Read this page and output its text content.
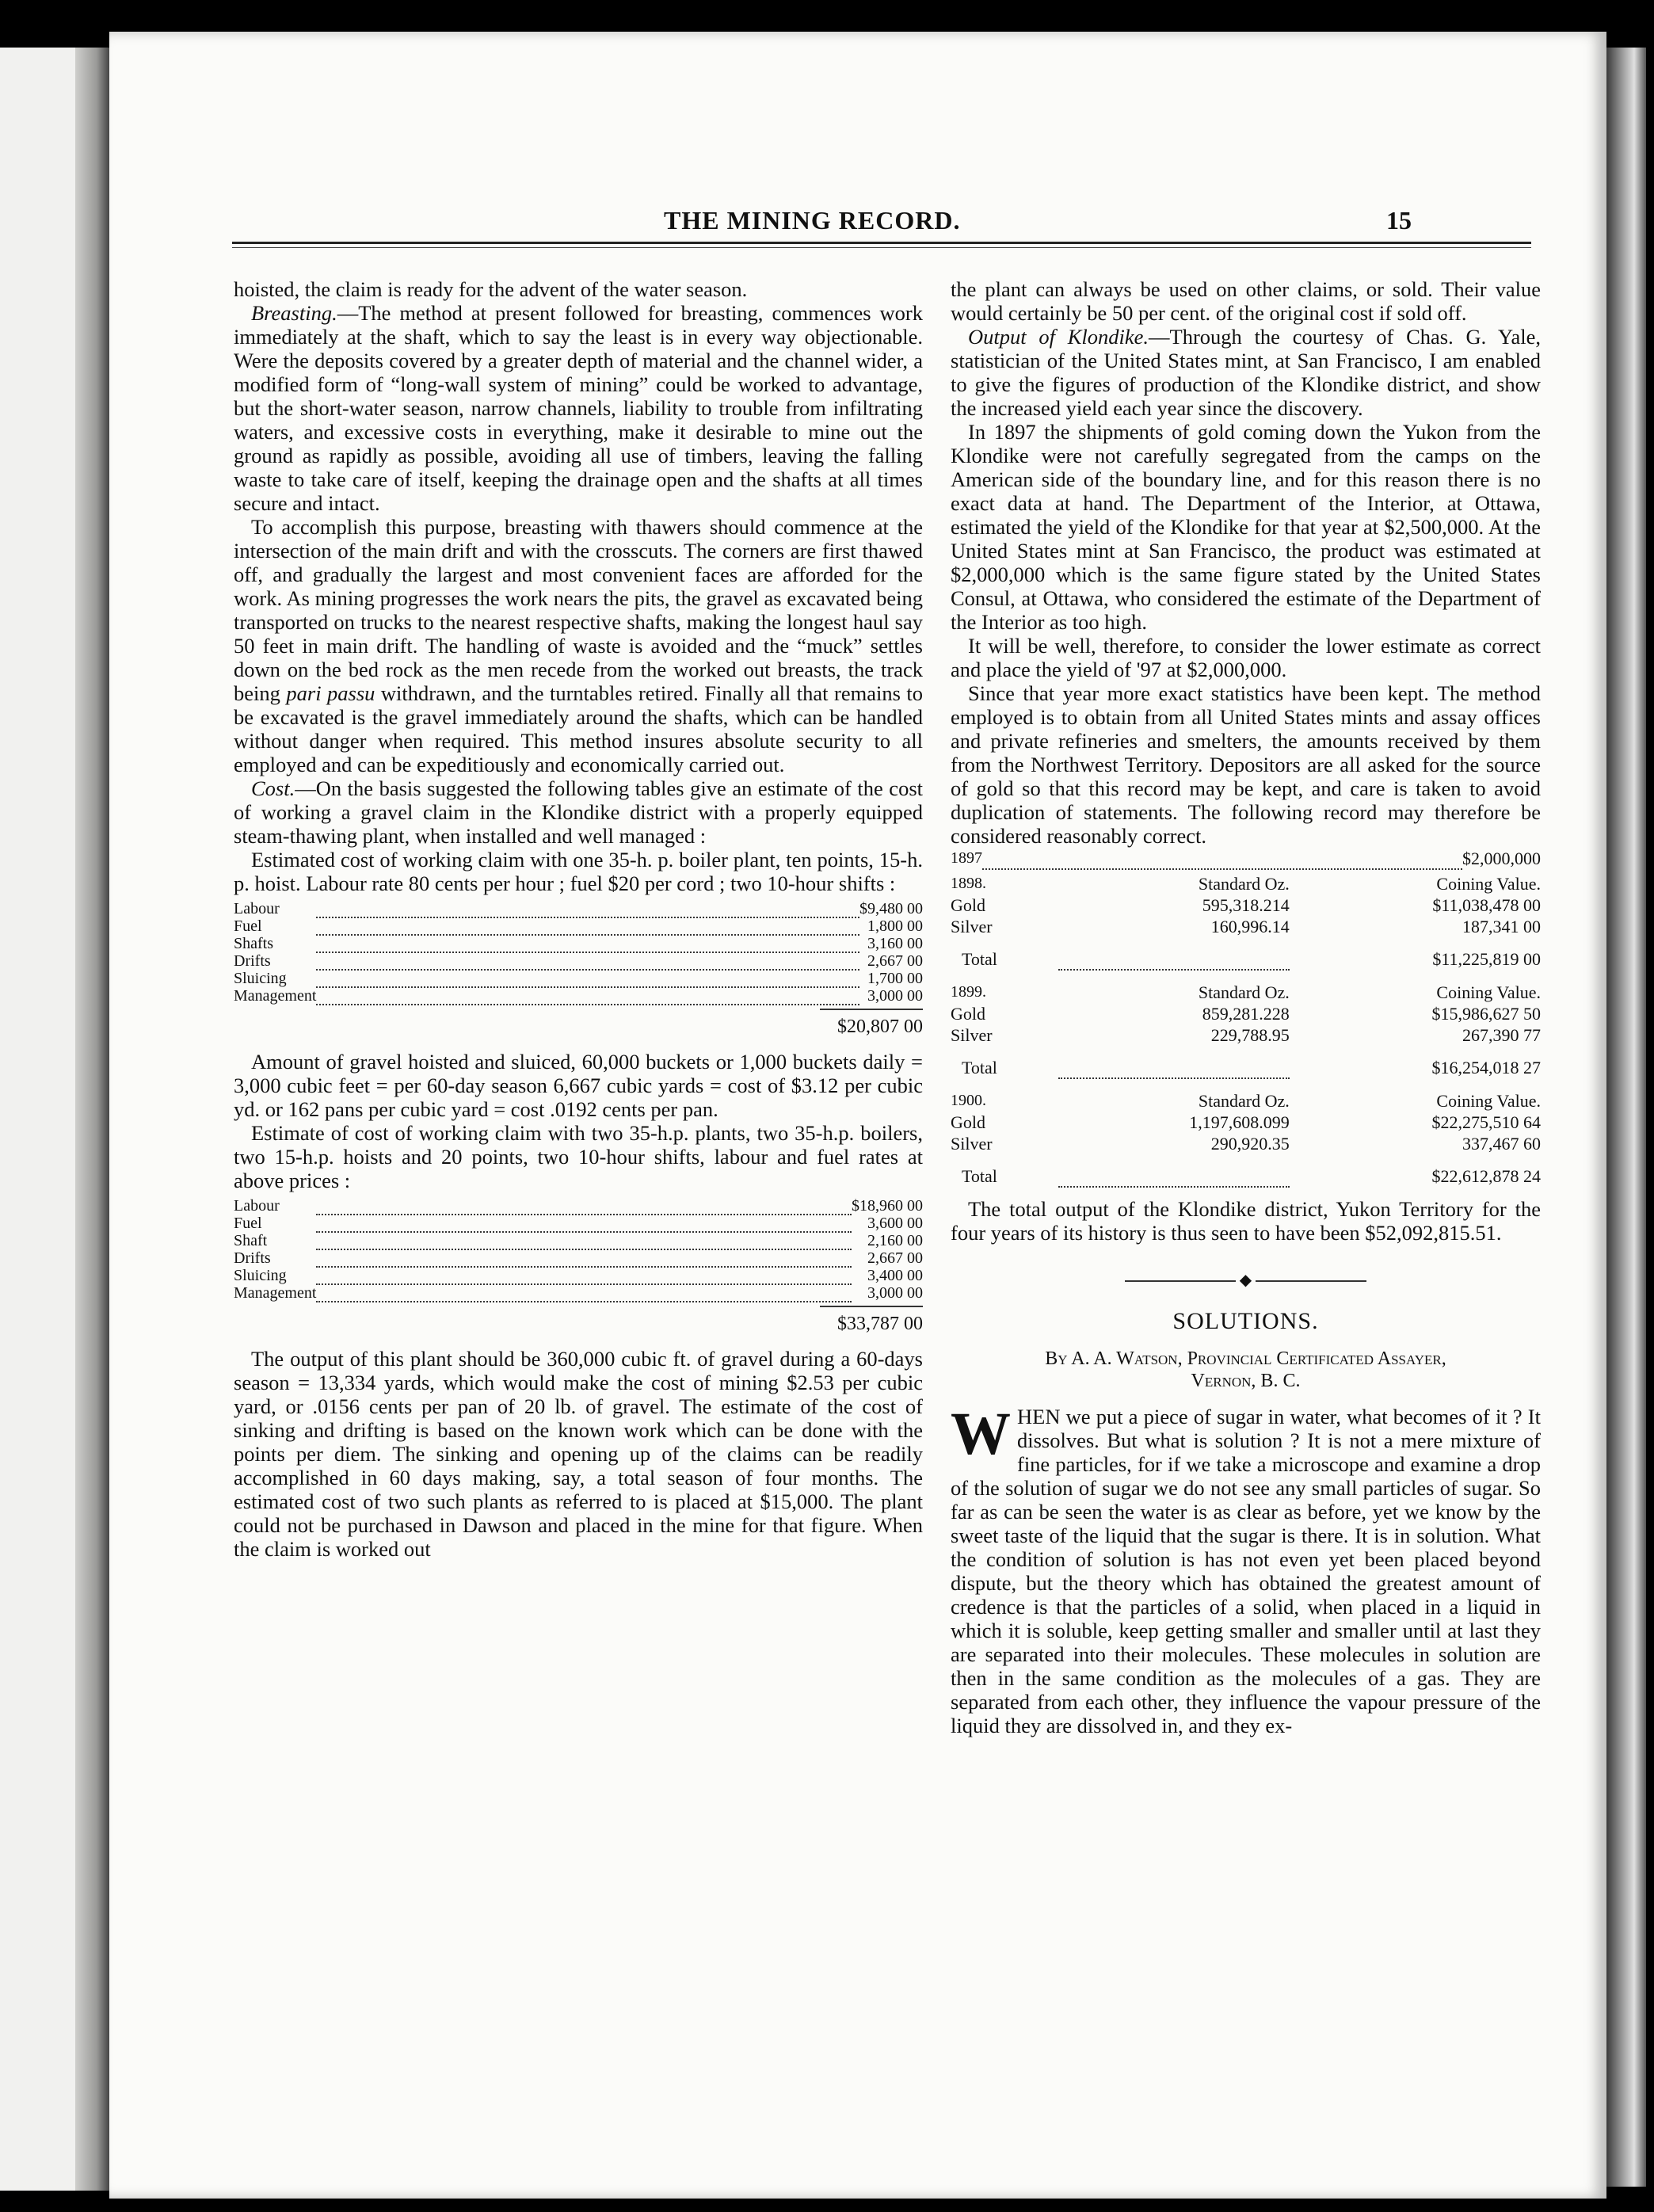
THE MINING RECORD.	15

hoisted, the claim is ready for the advent of the water season.

Breasting.—The method at present followed for breasting, commences work immediately at the shaft, which to say the least is in every way objectionable. Were the deposits covered by a greater depth of material and the channel wider, a modified form of “long-wall system of mining” could be worked to advantage, but the short-water season, narrow channels, liability to trouble from infiltrating waters, and excessive costs in everything, make it desirable to mine out the ground as rapidly as possible, avoiding all use of timbers, leaving the falling waste to take care of itself, keeping the drainage open and the shafts at all times secure and intact.

To accomplish this purpose, breasting with thawers should commence at the intersection of the main drift and with the crosscuts. The corners are first thawed off, and gradually the largest and most convenient faces are afforded for the work. As mining progresses the work nears the pits, the gravel as excavated being transported on trucks to the nearest respective shafts, making the longest haul say 50 feet in main drift. The handling of waste is avoided and the “muck” settles down on the bed rock as the men recede from the worked out breasts, the track being pari passu withdrawn, and the turntables retired. Finally all that remains to be excavated is the gravel immediately around the shafts, which can be handled without danger when required. This method insures absolute security to all employed and can be expeditiously and economically carried out.

Cost.—On the basis suggested the following tables give an estimate of the cost of working a gravel claim in the Klondike district with a properly equipped steam-thawing plant, when installed and well managed :

Estimated cost of working claim with one 35-h. p. boiler plant, ten points, 15-h. p. hoist. Labour rate 80 cents per hour ; fuel $20 per cord ; two 10-hour shifts :

Labour		$9,480 00
Fuel		1,800 00
Shafts		3,160 00
Drifts		2,667 00
Sluicing		1,700 00
Management		3,000 00
$20,807 00

Amount of gravel hoisted and sluiced, 60,000 buckets or 1,000 buckets daily = 3,000 cubic feet = per 60-day season 6,667 cubic yards = cost of $3.12 per cubic yd. or 162 pans per cubic yard = cost .0192 cents per pan.

Estimate of cost of working claim with two 35-h.p. plants, two 35-h.p. boilers, two 15-h.p. hoists and 20 points, two 10-hour shifts, labour and fuel rates at above prices :

Labour		$18,960 00
Fuel		3,600 00
Shaft		2,160 00
Drifts		2,667 00
Sluicing		3,400 00
Management		3,000 00
$33,787 00

The output of this plant should be 360,000 cubic ft. of gravel during a 60-days season = 13,334 yards, which would make the cost of mining $2.53 per cubic yard, or .0156 cents per pan of 20 lb. of gravel. The estimate of the cost of sinking and drifting is based on the known work which can be done with the points per diem. The sinking and opening up of the claims can be readily accomplished in 60 days making, say, a total season of four months. The estimated cost of two such plants as referred to is placed at $15,000. The plant could not be purchased in Dawson and placed in the mine for that figure. When the claim is worked out

the plant can always be used on other claims, or sold. Their value would certainly be 50 per cent. of the original cost if sold off.

Output of Klondike.—Through the courtesy of Chas. G. Yale, statistician of the United States mint, at San Francisco, I am enabled to give the figures of production of the Klondike district, and show the increased yield each year since the discovery.

In 1897 the shipments of gold coming down the Yukon from the Klondike were not carefully segregated from the camps on the American side of the boundary line, and for this reason there is no exact data at hand. The Department of the Interior, at Ottawa, estimated the yield of the Klondike for that year at $2,500,000. At the United States mint at San Francisco, the product was estimated at $2,000,000 which is the same figure stated by the United States Consul, at Ottawa, who considered the estimate of the Department of the Interior as too high.

It will be well, therefore, to consider the lower estimate as correct and place the yield of '97 at $2,000,000.

Since that year more exact statistics have been kept. The method employed is to obtain from all United States mints and assay offices and private refineries and smelters, the amounts received by them from the Northwest Territory. Depositors are all asked for the source of gold so that this record may be kept, and care is taken to avoid duplication of statements. The following record may therefore be considered reasonably correct.

1897		$2,000,000
1898.	Standard Oz.	Coining Value.
Gold	595,318.214	$11,038,478 00
Silver	160,996.14	187,341 00
Total		$11,225,819 00
1899.	Standard Oz.	Coining Value.
Gold	859,281.228	$15,986,627 50
Silver	229,788.95	267,390 77
Total		$16,254,018 27
1900.	Standard Oz.	Coining Value.
Gold	1,197,608.099	$22,275,510 64
Silver	290,920.35	337,467 60
Total		$22,612,878 24

The total output of the Klondike district, Yukon Territory for the four years of its history is thus seen to have been $52,092,815.51.

◆
SOLUTIONS.
By A. A. Watson, Provincial Certificated Assayer,
Vernon, B. C.

WHEN we put a piece of sugar in water, what becomes of it ? It dissolves. But what is solution ? It is not a mere mixture of fine particles, for if we take a microscope and examine a drop of the solution of sugar we do not see any small particles of sugar. So far as can be seen the water is as clear as before, yet we know by the sweet taste of the liquid that the sugar is there. It is in solution. What the condition of solution is has not even yet been placed beyond dispute, but the theory which has obtained the greatest amount of credence is that the particles of a solid, when placed in a liquid in which it is soluble, keep getting smaller and smaller until at last they are separated into their molecules. These molecules in solution are then in the same condition as the molecules of a gas. They are separated from each other, they influence the vapour pressure of the liquid they are dissolved in, and they ex-
